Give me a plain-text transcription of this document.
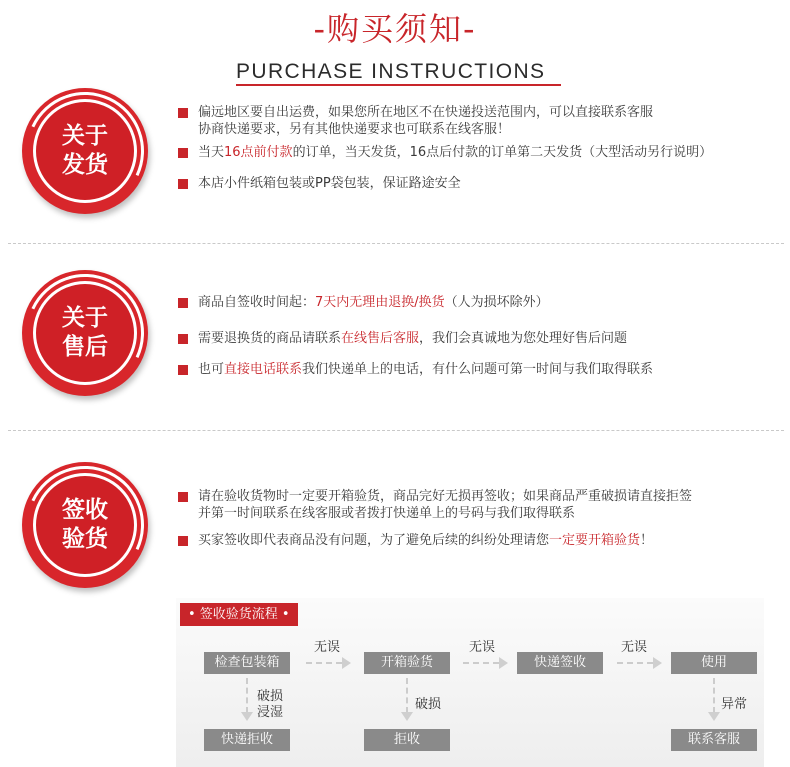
-购买须知-
PURCHASE INSTRUCTIONS
关于
发货
偏远地区要自出运费，如果您所在地区不在快递投送范围内，可以直接联系客服
协商快递要求，另有其他快递要求也可联系在线客服！
当天16点前付款的订单，当天发货，16点后付款的订单第二天发货（大型活动另行说明）
本店小件纸箱包装或PP袋包装，保证路途安全
关于
售后
商品自签收时间起：7天内无理由退换/换货（人为损坏除外）
需要退换货的商品请联系在线售后客服，我们会真诚地为您处理好售后问题
也可直接电话联系我们快递单上的电话，有什么问题可第一时间与我们取得联系
签收
验货
请在验收货物时一定要开箱验货，商品完好无损再签收；如果商品严重破损请直接拒签
并第一时间联系在线客服或者拨打快递单上的号码与我们取得联系
买家签收即代表商品没有问题，为了避免后续的纠纷处理请您一定要开箱验货！
• 签收验货流程 •
检查包装箱	开箱验货	快递签收	使用
无误	无误	无误
破损
浸湿
破损	异常
快递拒收	拒收	联系客服
